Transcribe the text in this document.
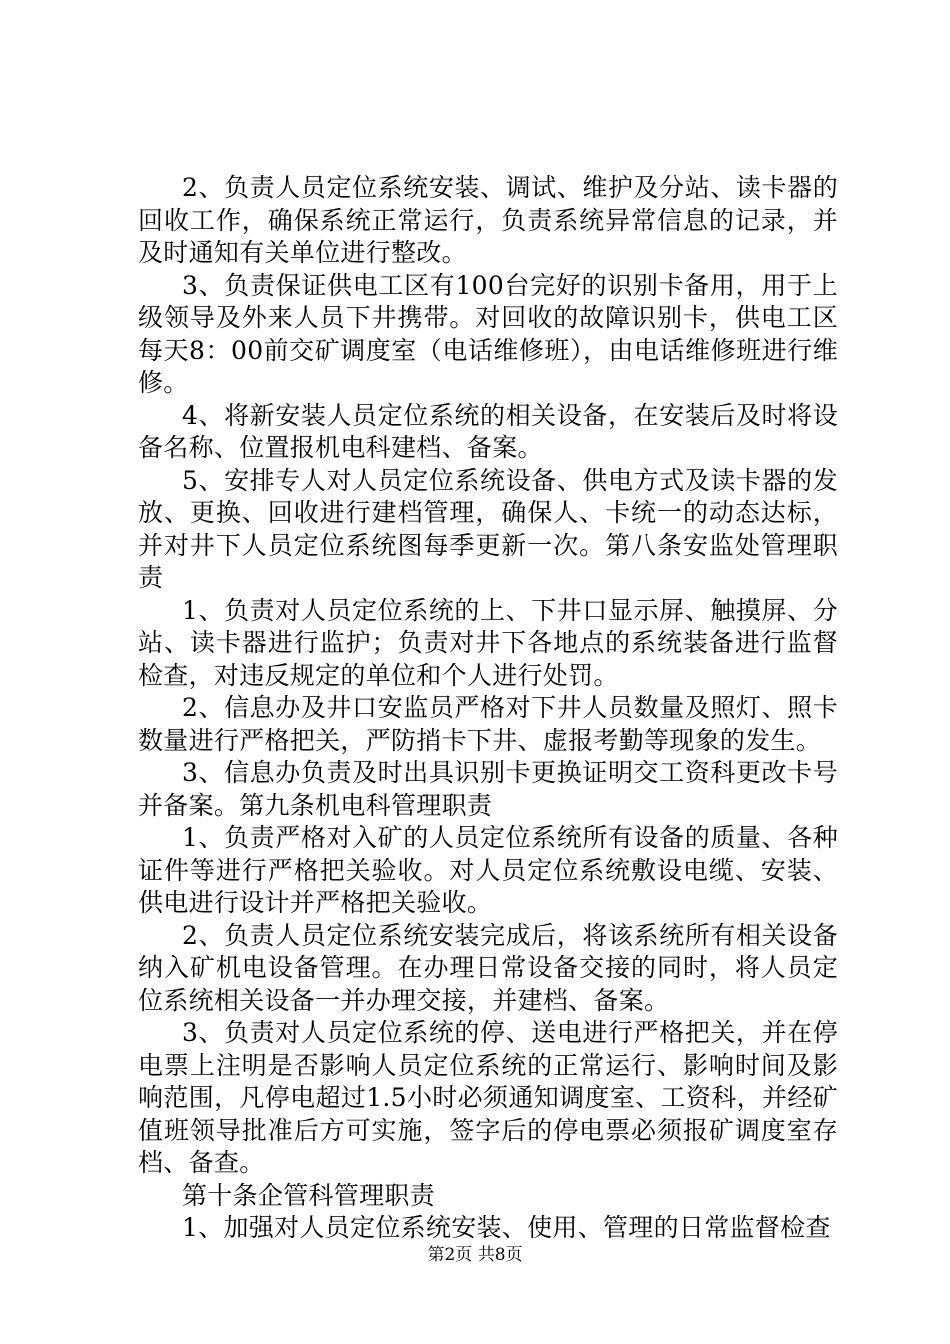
2、负责人员定位系统安装、调试、维护及分站、读卡器的回收工作，确保系统正常运行，负责系统异常信息的记录，并及时通知有关单位进行整改。

3、负责保证供电工区有100台完好的识别卡备用，用于上级领导及外来人员下井携带。对回收的故障识别卡，供电工区每天8：00前交矿调度室（电话维修班），由电话维修班进行维修。

4、将新安装人员定位系统的相关设备，在安装后及时将设备名称、位置报机电科建档、备案。

5、安排专人对人员定位系统设备、供电方式及读卡器的发放、更换、回收进行建档管理，确保人、卡统一的动态达标，并对井下人员定位系统图每季更新一次。第八条安监处管理职责

1、负责对人员定位系统的上、下井口显示屏、触摸屏、分站、读卡器进行监护；负责对井下各地点的系统装备进行监督检查，对违反规定的单位和个人进行处罚。

2、信息办及井口安监员严格对下井人员数量及照灯、照卡数量进行严格把关，严防捎卡下井、虚报考勤等现象的发生。

3、信息办负责及时出具识别卡更换证明交工资科更改卡号并备案。第九条机电科管理职责

1、负责严格对入矿的人员定位系统所有设备的质量、各种证件等进行严格把关验收。对人员定位系统敷设电缆、安装、供电进行设计并严格把关验收。

2、负责人员定位系统安装完成后，将该系统所有相关设备纳入矿机电设备管理。在办理日常设备交接的同时，将人员定位系统相关设备一并办理交接，并建档、备案。

3、负责对人员定位系统的停、送电进行严格把关，并在停电票上注明是否影响人员定位系统的正常运行、影响时间及影响范围，凡停电超过1.5小时必须通知调度室、工资科，并经矿值班领导批准后方可实施，签字后的停电票必须报矿调度室存档、备查。

第十条企管科管理职责

1、加强对人员定位系统安装、使用、管理的日常监督检查

第2页 共8页
